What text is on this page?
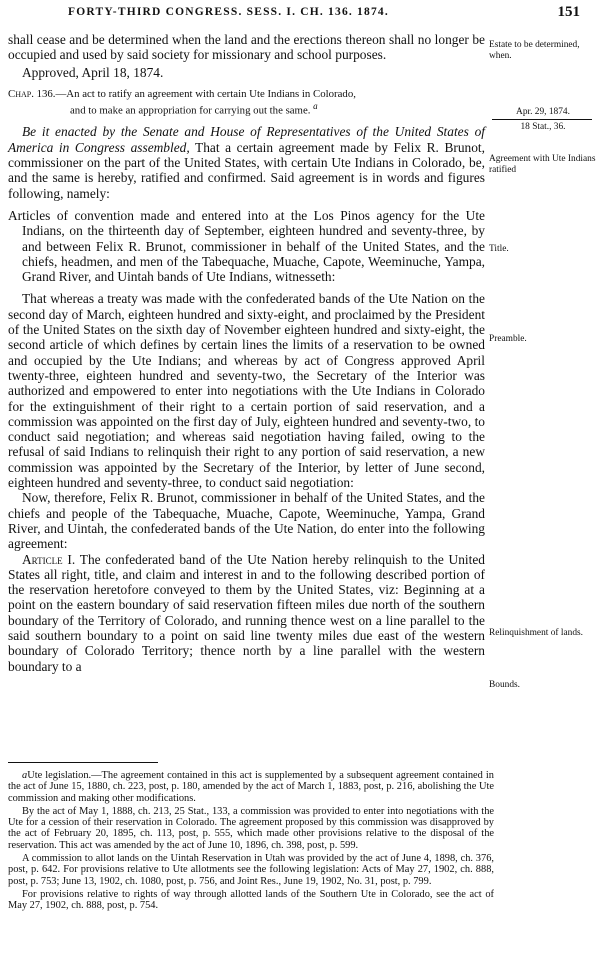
FORTY-THIRD CONGRESS. SESS. I. CH. 136. 1874.	151

shall cease and be determined when the land and the erections thereon shall no longer be occupied and used by said society for missionary and school purposes.

Approved, April 18, 1874.

Chap. 136.—An act to ratify an agreement with certain Ute Indians in Colorado,
and to make an appropriation for carrying out the same. $^a$

Be it enacted by the Senate and House of Representatives of the United States of America in Congress assembled, That a certain agreement made by Felix R. Brunot, commissioner on the part of the United States, with certain Ute Indians in Colorado, be, and the same is hereby, ratified and confirmed. Said agreement is in words and figures following, namely:

Articles of convention made and entered into at the Los Pinos agency for the Ute Indians, on the thirteenth day of September, eighteen hundred and seventy-three, by and between Felix R. Brunot, commissioner in behalf of the United States, and the chiefs, headmen, and men of the Tabequache, Muache, Capote, Weeminuche, Yampa, Grand River, and Uintah bands of Ute Indians, witnesseth:

That whereas a treaty was made with the confederated bands of the Ute Nation on the second day of March, eighteen hundred and sixty-eight, and proclaimed by the President of the United States on the sixth day of November eighteen hundred and sixty-eight, the second article of which defines by certain lines the limits of a reservation to be owned and occupied by the Ute Indians; and whereas by act of Congress approved April twenty-three, eighteen hundred and seventy-two, the Secretary of the Interior was authorized and empowered to enter into negotiations with the Ute Indians in Colorado for the extinguishment of their right to a certain portion of said reservation, and a commission was appointed on the first day of July, eighteen hundred and seventy-two, to conduct said negotiation; and whereas said negotiation having failed, owing to the refusal of said Indians to relinquish their right to any portion of said reservation, a new commission was appointed by the Secretary of the Interior, by letter of June second, eighteen hundred and seventy-three, to conduct said negotiation:

Now, therefore, Felix R. Brunot, commissioner in behalf of the United States, and the chiefs and people of the Tabequache, Muache, Capote, Weeminuche, Yampa, Grand River, and Uintah, the confederated bands of the Ute Nation, do enter into the following agreement:

Article I. The confederated band of the Ute Nation hereby relinquish to the United States all right, title, and claim and interest in and to the following described portion of the reservation heretofore conveyed to them by the United States, viz: Beginning at a point on the eastern boundary of said reservation fifteen miles due north of the southern boundary of the Territory of Colorado, and running thence west on a line parallel to the said southern boundary to a point on said line twenty miles due east of the western boundary of Colorado Territory; thence north by a line parallel with the western boundary to a

Estate to be determined, when.
Apr. 29, 1874.
18 Stat., 36.
Agreement with Ute Indians ratified
Title.
Preamble.
Relinquishment of lands.
Bounds.

aUte legislation.—The agreement contained in this act is supplemented by a subsequent agreement contained in the act of June 15, 1880, ch. 223, post, p. 180, amended by the act of March 1, 1883, post, p. 216, abolishing the Ute commission and making other modifications.

By the act of May 1, 1888, ch. 213, 25 Stat., 133, a commission was provided to enter into negotiations with the Ute for a cession of their reservation in Colorado. The agreement proposed by this commission was disapproved by the act of February 20, 1895, ch. 113, post, p. 555, which made other provisions relative to the disposal of the reservation. This act was amended by the act of June 10, 1896, ch. 398, post, p. 599.

A commission to allot lands on the Uintah Reservation in Utah was provided by the act of June 4, 1898, ch. 376, post, p. 642. For provisions relative to Ute allotments see the following legislation: Acts of May 27, 1902, ch. 888, post, p. 753; June 13, 1902, ch. 1080, post, p. 756, and Joint Res., June 19, 1902, No. 31, post, p. 799.

For provisions relative to rights of way through allotted lands of the Southern Ute in Colorado, see the act of May 27, 1902, ch. 888, post, p. 754.
